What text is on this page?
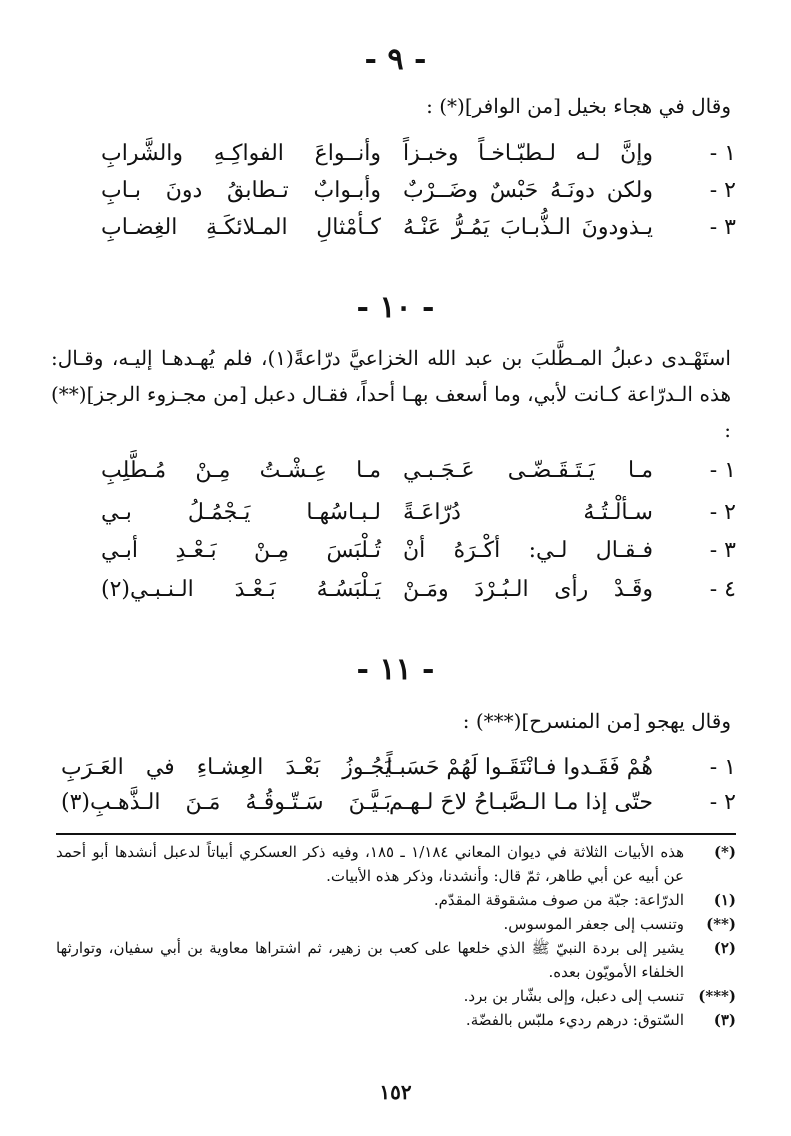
- ٩ -
وقال في هجاء بخيل [من الوافر](*) :
١ -
وإنَّ لـه لـطبّـاخـاً وخبـزاً
وأنــواعَ الفواكِـهِ والشَّرابِ
٢ -
ولكن دونَـهُ حَبْسٌ وضَــرْبٌ
وأبـوابٌ تـطابقُ دونَ بـابِ
٣ -
يـذودونَ الـذُّبـابَ يَمُـرُّ عَنْـهُ
كـأمْثالِ المـلائكَـةِ الغِضـابِ
- ١٠ -
استَهْـدى دعبلُ المـطَّلبَ بن عبد الله الخزاعيَّ درّاعةً(١)، فلم يُهـدهـا إليـه، وقـال: هذه الـدرّاعة كـانت لأبي، وما أسعف بهـا أحداً، فقـال دعبل [من مجـزوء الرجز](**) :
١ -
مـا يَـتَـقَـضّـى عَـجَـبـي
مـا عِـشْـتُ مِـنْ مُـطَّلِبِ
٢ -
سـألْـتُـهُ دُرّاعَـةً
لـبـاسُهـا يَـجْمُـلُ بـي
٣ -
فـقـال لـي: أكْـرَهُ أنْ
تُـلْبَسَ مِـنْ بَـعْـدِ أبـي
٤ -
وقَـدْ رأى الـبُـرْدَ ومَـنْ
يَـلْبَسُـهُ بَـعْـدَ الـنـبـي(٢)
- ١١ -
وقال يهجو [من المنسرح](***) :
١ -
هُمْ فَقَـدوا فـانْتَقَـوا لَهُمْ حَسَبـاً
يَجُـوزُ بَعْـدَ العِشـاءِ في العَـرَبِ
٢ -
حتّى إذا مـا الـصَّبـاحُ لاحَ لـهـم
بَـيَّـنَ سَـتّـوقُـهُ مَـنَ الـذَّهـبِ(٣)
(*)
هذه الأبيات الثلاثة في ديوان المعاني ١/١٨٤ ـ ١٨٥، وفيه ذكر العسكري أبياتاً لدعبل أنشدها أبو أحمد عن أبيه عن أبي طاهر، ثمّ قال: وأنشدنا، وذكر هذه الأبيات.
(١)
الدرّاعة: جبّة من صوف مشقوقة المقدّم.
(**)
وتنسب إلى جعفر الموسوس.
(٢)
يشير إلى بردة النبيّ ﷺ الذي خلعها على كعب بن زهير، ثم اشتراها معاوية بن أبي سفيان، وتوارثها الخلفاء الأمويّون بعده.
(***)
تنسب إلى دعبل، وإلى بشّار بن برد.
(٣)
السّتوق: درهم رديء ملبّس بالفضّة.
١٥٢
